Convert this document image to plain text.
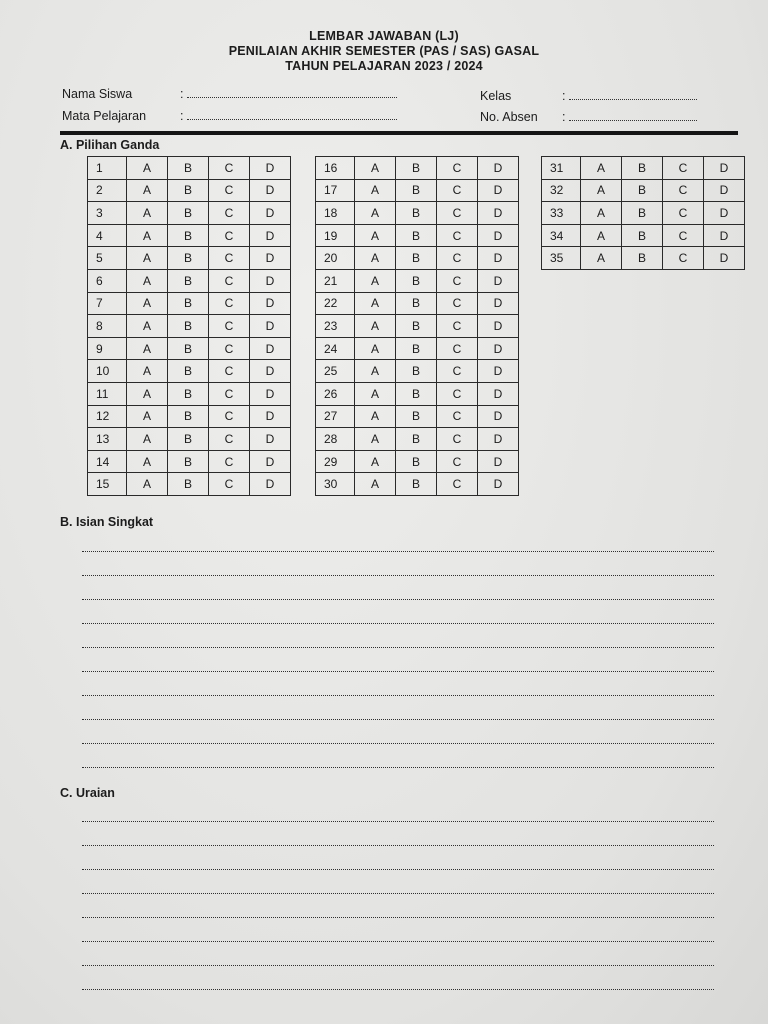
LEMBAR JAWABAN (LJ)
PENILAIAN AKHIR SEMESTER (PAS / SAS) GASAL
TAHUN PELAJARAN 2023 / 2024
Nama Siswa	:
Mata Pelajaran	:
Kelas	:
No. Absen	:
A. Pilihan Ganda
1	A	B	C	D
2	A	B	C	D
3	A	B	C	D
4	A	B	C	D
5	A	B	C	D
6	A	B	C	D
7	A	B	C	D
8	A	B	C	D
9	A	B	C	D
10	A	B	C	D
11	A	B	C	D
12	A	B	C	D
13	A	B	C	D
14	A	B	C	D
15	A	B	C	D
16	A	B	C	D
17	A	B	C	D
18	A	B	C	D
19	A	B	C	D
20	A	B	C	D
21	A	B	C	D
22	A	B	C	D
23	A	B	C	D
24	A	B	C	D
25	A	B	C	D
26	A	B	C	D
27	A	B	C	D
28	A	B	C	D
29	A	B	C	D
30	A	B	C	D
31	A	B	C	D
32	A	B	C	D
33	A	B	C	D
34	A	B	C	D
35	A	B	C	D
B. Isian Singkat
C. Uraian
